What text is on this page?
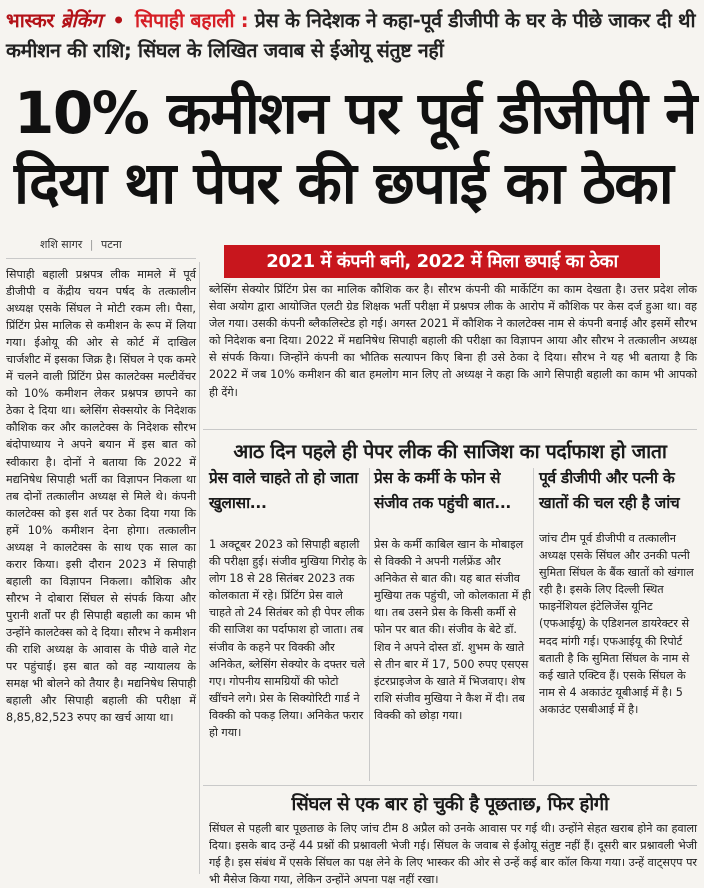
भास्कर ब्रेकिंग • सिपाही बहाली : प्रेस के निदेशक ने कहा-पूर्व डीजीपी के घर के पीछे जाकर दी थी कमीशन की राशि; सिंघल के लिखित जवाब से ईओयू संतुष्ट नहीं
10% कमीशन पर पूर्व डीजीपी ने
दिया था पेपर की छपाई का ठेका
शशि सागर | पटना

सिपाही बहाली प्रश्नपत्र लीक मामले में पूर्व डीजीपी व केंद्रीय चयन पर्षद के तत्कालीन अध्यक्ष एसके सिंघल ने मोटी रकम ली। पैसा, प्रिंटिंग प्रेस मालिक से कमीशन के रूप में लिया गया। ईओयू की ओर से कोर्ट में दाखिल चार्जशीट में इसका जिक्र है। सिंघल ने एक कमरे में चलने वाली प्रिंटिंग प्रेस कालटेक्स मल्टीवेंचर को 10% कमीशन लेकर प्रश्नपत्र छापने का ठेका दे दिया था। ब्लेसिंग सेक्सयोर के निदेशक कौशिक कर और कालटेक्स के निदेशक सौरभ बंदोपाध्याय ने अपने बयान में इस बात को स्वीकारा है। दोनों ने बताया कि 2022 में मद्यनिषेध सिपाही भर्ती का विज्ञापन निकला था तब दोनों तत्कालीन अध्यक्ष से मिले थे। कंपनी कालटेक्स को इस शर्त पर ठेका दिया गया कि हमें 10% कमीशन देना होगा। तत्कालीन अध्यक्ष ने कालटेक्स के साथ एक साल का करार किया। इसी दौरान 2023 में सिपाही बहाली का विज्ञापन निकला। कौशिक और सौरभ ने दोबारा सिंघल से संपर्क किया और पुरानी शर्तों पर ही सिपाही बहाली का काम भी उन्होंने कालटेक्स को दे दिया। सौरभ ने कमीशन की राशि अध्यक्ष के आवास के पीछे वाले गेट पर पहुंचाई। इस बात को वह न्यायालय के समक्ष भी बोलने को तैयार है। मद्यनिषेध सिपाही बहाली और सिपाही बहाली की परीक्षा में 8,85,82,523 रुपए का खर्च आया था।

2021 में कंपनी बनी, 2022 में मिला छपाई का ठेका
ब्लेसिंग सेक्योर प्रिंटिंग प्रेस का मालिक कौशिक कर है। सौरभ कंपनी की मार्केटिंग का काम देखता है। उत्तर प्रदेश लोक सेवा अयोग द्वारा आयोजित एलटी ग्रेड शिक्षक भर्ती परीक्षा में प्रश्नपत्र लीक के आरोप में कौशिक पर केस दर्ज हुआ था। वह जेल गया। उसकी कंपनी ब्लैकलिस्टेड हो गई। अगस्त 2021 में कौशिक ने कालटेक्स नाम से कंपनी बनाई और इसमें सौरभ को निदेशक बना दिया। 2022 में मद्यनिषेध सिपाही बहाली की परीक्षा का विज्ञापन आया और सौरभ ने तत्कालीन अध्यक्ष से संपर्क किया। जिन्होंने कंपनी का भौतिक सत्यापन किए बिना ही उसे ठेका दे दिया। सौरभ ने यह भी बताया है कि 2022 में जब 10% कमीशन की बात हमलोग मान लिए तो अध्यक्ष ने कहा कि आगे सिपाही बहाली का काम भी आपको ही देंगे।
आठ दिन पहले ही पेपर लीक की साजिश का पर्दाफाश हो जाता
प्रेस वाले चाहते तो हो जाता खुलासा...
1 अक्टूबर 2023 को सिपाही बहाली की परीक्षा हुई। संजीव मुखिया गिरोह के लोग 18 से 28 सितंबर 2023 तक कोलकाता में रहे। प्रिंटिंग प्रेस वाले चाहते तो 24 सितंबर को ही पेपर लीक की साजिश का पर्दाफाश हो जाता। तब संजीव के कहने पर विक्की और अनिकेत, ब्लेसिंग सेक्योर के दफ्तर चले गए। गोपनीय सामग्रियों की फोटो खींचने लगे। प्रेस के सिक्योरिटी गार्ड ने विक्की को पकड़ लिया। अनिकेत फरार हो गया।
प्रेस के कर्मी के फोन से संजीव तक पहुंची बात...
प्रेस के कर्मी काबिल खान के मोबाइल से विक्की ने अपनी गर्लफ्रेंड और अनिकेत से बात की। यह बात संजीव मुखिया तक पहुंची, जो कोलकाता में ही था। तब उसने प्रेस के किसी कर्मी से फोन पर बात की। संजीव के बेटे डॉ. शिव ने अपने दोस्त डॉ. शुभम के खाते से तीन बार में 17, 500 रुपए एसएस इंटरप्राइजेज के खाते में भिजवाए। शेष राशि संजीव मुखिया ने कैश में दी। तब विक्की को छोड़ा गया।
पूर्व डीजीपी और पत्नी के खातों की चल रही है जांच
जांच टीम पूर्व डीजीपी व तत्कालीन अध्यक्ष एसके सिंघल और उनकी पत्नी सुमिता सिंघल के बैंक खातों को खंगाल रही है। इसके लिए दिल्ली स्थित फाइनेंशियल इंटेलिजेंस यूनिट (एफआईयू) के एडिशनल डायरेक्टर से मदद मांगी गई। एफआईयू की रिपोर्ट बताती है कि सुमिता सिंघल के नाम से कई खाते एक्टिव हैं। एसके सिंघल के नाम से 4 अकाउंट यूबीआई में है। 5 अकाउंट एसबीआई में है।
सिंघल से एक बार हो चुकी है पूछताछ, फिर होगी
सिंघल से पहली बार पूछताछ के लिए जांच टीम 8 अप्रैल को उनके आवास पर गई थी। उन्होंने सेहत खराब होने का हवाला दिया। इसके बाद उन्हें 44 प्रश्नों की प्रश्नावली भेजी गई। सिंघल के जवाब से ईओयू संतुष्ट नहीं हैं। दूसरी बार प्रश्नावली भेजी गई है। इस संबंध में एसके सिंघल का पक्ष लेने के लिए भास्कर की ओर से उन्हें कई बार कॉल किया गया। उन्हें वाट्सएप पर भी मैसेज किया गया, लेकिन उन्होंने अपना पक्ष नहीं रखा।
